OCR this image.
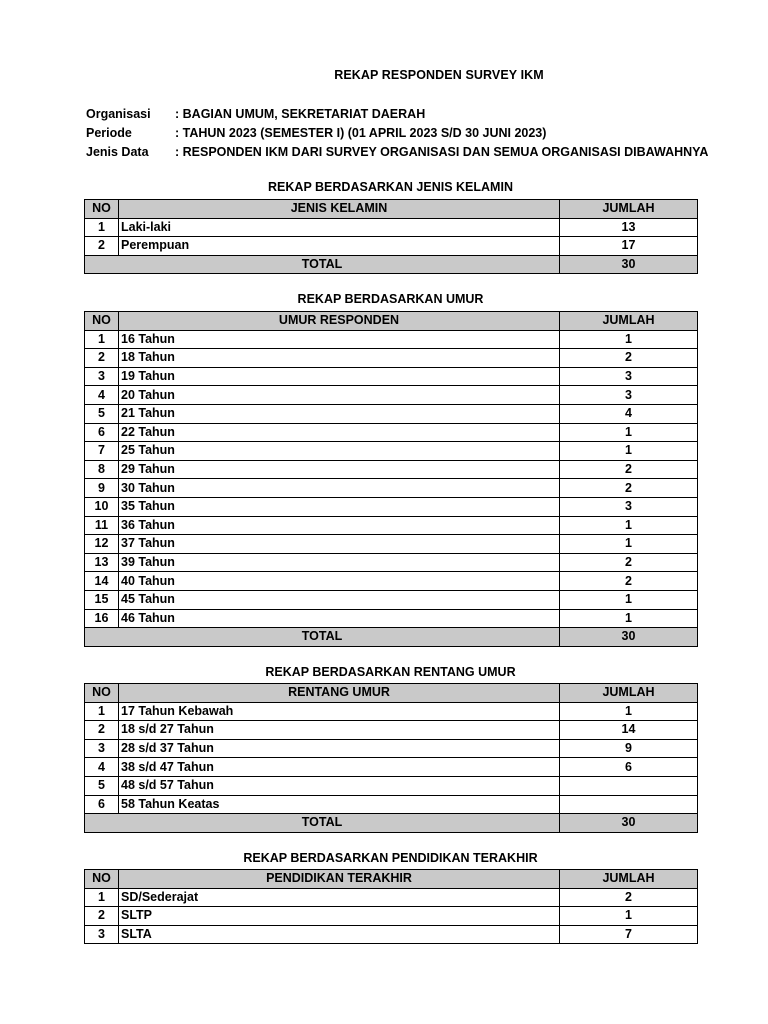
REKAP RESPONDEN SURVEY IKM
Organisasi : BAGIAN UMUM, SEKRETARIAT DAERAH
Periode	: TAHUN 2023 (SEMESTER I) (01 APRIL 2023 S/D 30 JUNI 2023)
Jenis Data : RESPONDEN IKM DARI SURVEY ORGANISASI DAN SEMUA ORGANISASI DIBAWAHNYA
REKAP BERDASARKAN JENIS KELAMIN
NO	JENIS KELAMIN	JUMLAH
1	Laki-laki	13
2	Perempuan	17
TOTAL		30
REKAP BERDASARKAN UMUR
NO	UMUR RESPONDEN	JUMLAH
1	16 Tahun	1
2	18 Tahun	2
3	19 Tahun	3
4	20 Tahun	3
5	21 Tahun	4
6	22 Tahun	1
7	25 Tahun	1
8	29 Tahun	2
9	30 Tahun	2
10	35 Tahun	3
11	36 Tahun	1
12	37 Tahun	1
13	39 Tahun	2
14	40 Tahun	2
15	45 Tahun	1
16	46 Tahun	1
TOTAL		30
REKAP BERDASARKAN RENTANG UMUR
NO	RENTANG UMUR	JUMLAH
1	17 Tahun Kebawah	1
2	18 s/d 27 Tahun	14
3	28 s/d 37 Tahun	9
4	38 s/d 47 Tahun	6
5	48 s/d 57 Tahun	
6	58 Tahun Keatas	
TOTAL		30
REKAP BERDASARKAN PENDIDIKAN TERAKHIR
NO	PENDIDIKAN TERAKHIR	JUMLAH
1	SD/Sederajat	2
2	SLTP	1
3	SLTA	7
